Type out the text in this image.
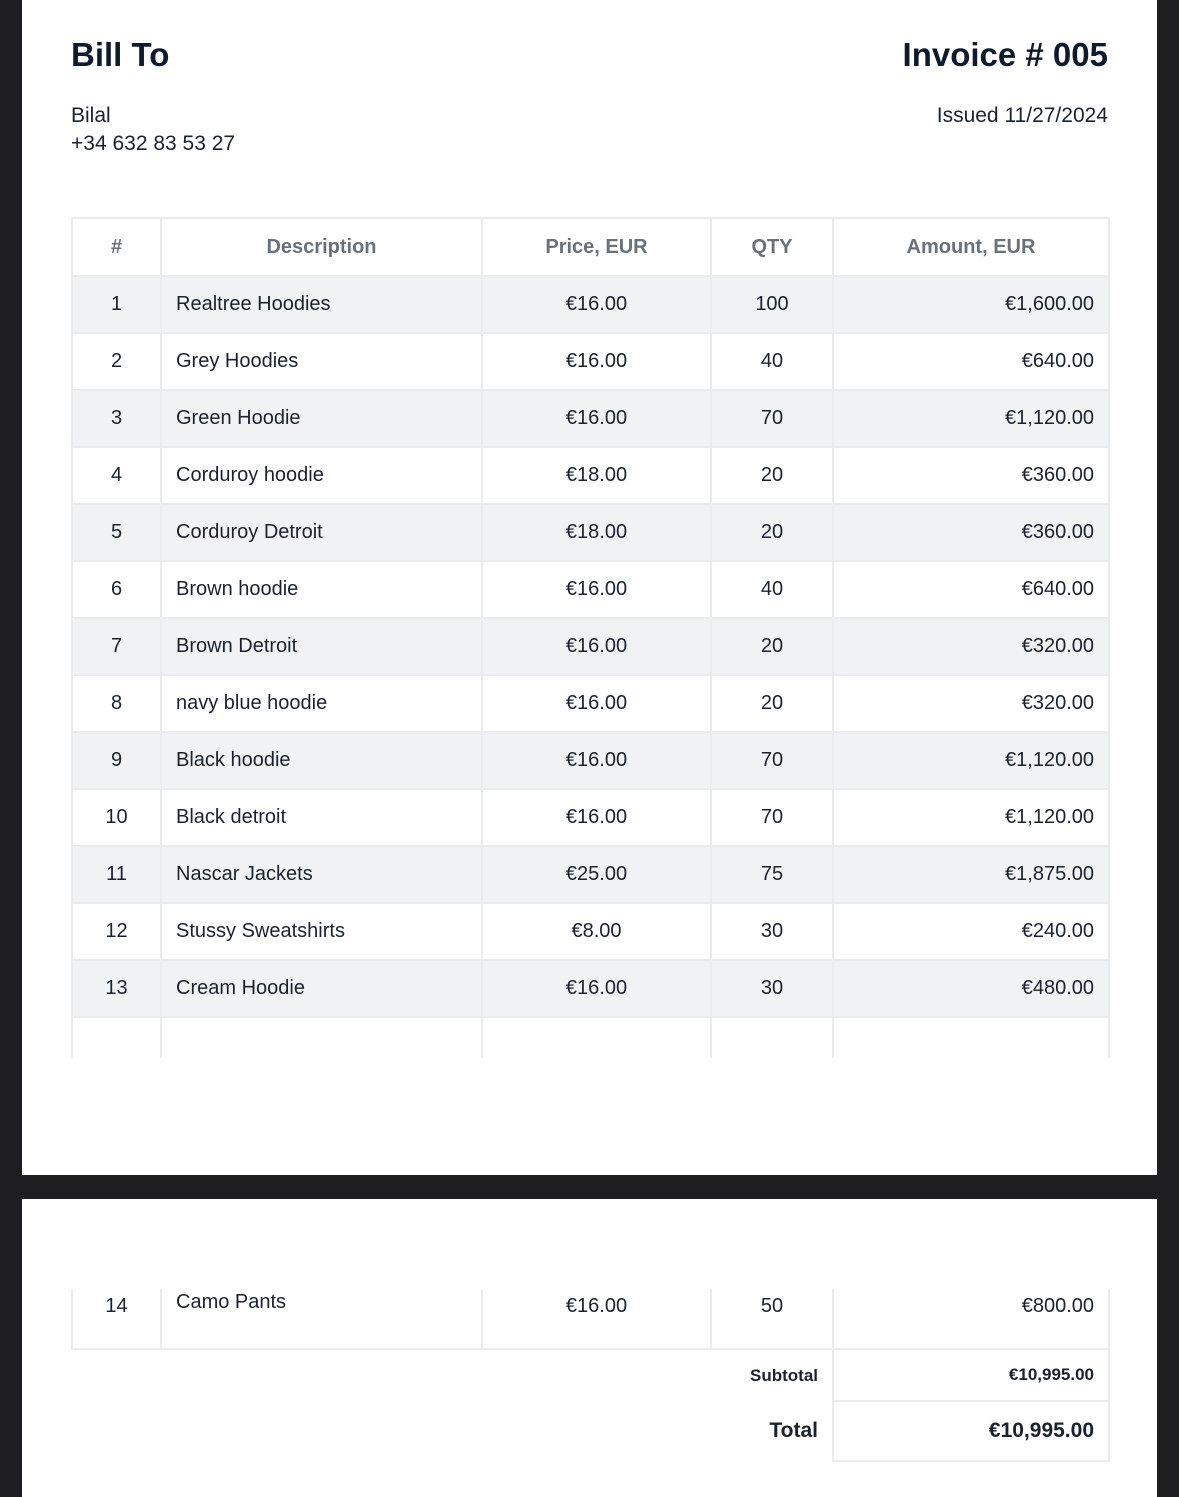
Bill To	Invoice # 005
Bilal
+34 632 83 53 27
Issued 11/27/2024
#	Description	Price, EUR	QTY	Amount, EUR
1	Realtree Hoodies	€16.00	100	€1,600.00
2	Grey Hoodies	€16.00	40	€640.00
3	Green Hoodie	€16.00	70	€1,120.00
4	Corduroy hoodie	€18.00	20	€360.00
5	Corduroy Detroit	€18.00	20	€360.00
6	Brown hoodie	€16.00	40	€640.00
7	Brown Detroit	€16.00	20	€320.00
8	navy blue hoodie	€16.00	20	€320.00
9	Black hoodie	€16.00	70	€1,120.00
10	Black detroit	€16.00	70	€1,120.00
11	Nascar Jackets	€25.00	75	€1,875.00
12	Stussy Sweatshirts	€8.00	30	€240.00
13	Cream Hoodie	€16.00	30	€480.00

14	Camo Pants	€16.00	50	€800.00
Subtotal				€10,995.00
Total				€10,995.00
